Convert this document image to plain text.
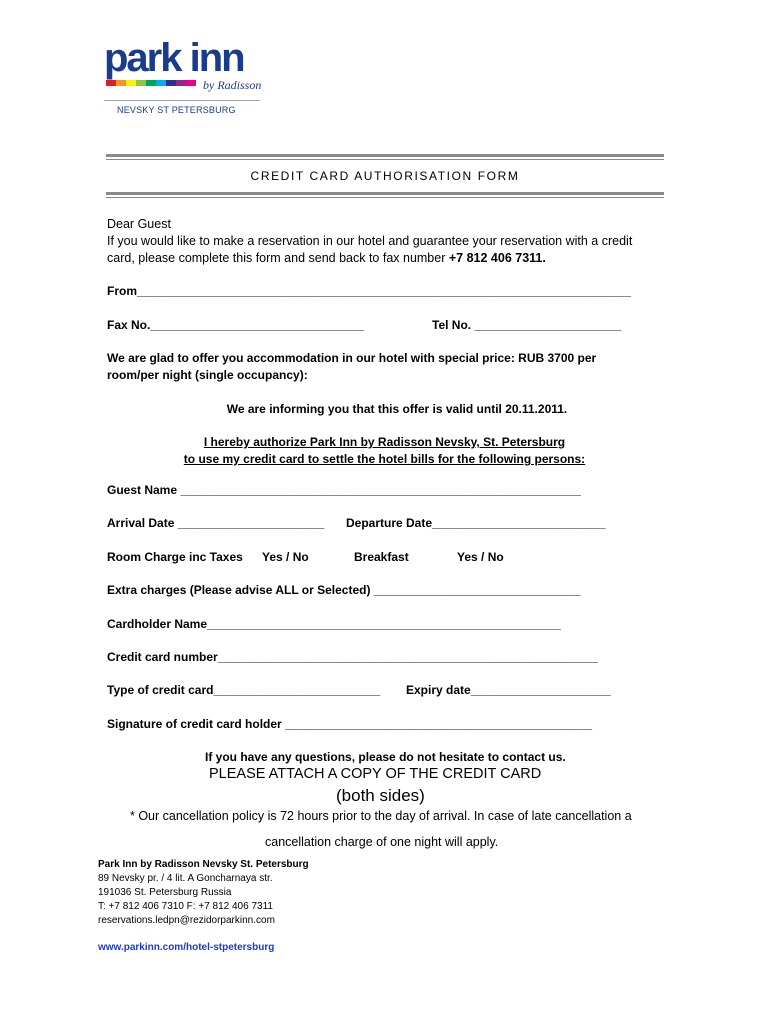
park inn
by Radisson
NEVSKY ST PETERSBURG
CREDIT CARD AUTHORISATION FORM
Dear Guest
If you would like to make a reservation in our hotel and guarantee your reservation with a credit
card, please complete this form and send back to fax number +7 812 406 7311.
From__________________________________________________________________________
Fax No.________________________________	Tel No. ______________________
We are glad to offer you accommodation in our hotel with special price: RUB 3700 per
room/per night (single occupancy):
We are informing you that this offer is valid until 20.11.2011.
I hereby authorize Park Inn by Radisson Nevsky, St. Petersburg
to use my credit card to settle the hotel bills for the following persons:
Guest Name ____________________________________________________________
Arrival Date ______________________ Departure Date__________________________
Room Charge inc Taxes Yes / No	Breakfast	Yes / No
Extra charges (Please advise ALL or Selected) _______________________________
Cardholder Name_____________________________________________________
Credit card number_________________________________________________________
Type of credit card_________________________ Expiry date_____________________
Signature of credit card holder ______________________________________________
If you have any questions, please do not hesitate to contact us.
PLEASE ATTACH A COPY OF THE CREDIT CARD
(both sides)
* Our cancellation policy is 72 hours prior to the day of arrival. In case of late cancellation a
cancellation charge of one night will apply.
Park Inn by Radisson Nevsky St. Petersburg
89 Nevsky pr. / 4 lit. A Goncharnaya str.
191036 St. Petersburg Russia
T: +7 812 406 7310 F: +7 812 406 7311
reservations.ledpn@rezidorparkinn.com
www.parkinn.com/hotel-stpetersburg
